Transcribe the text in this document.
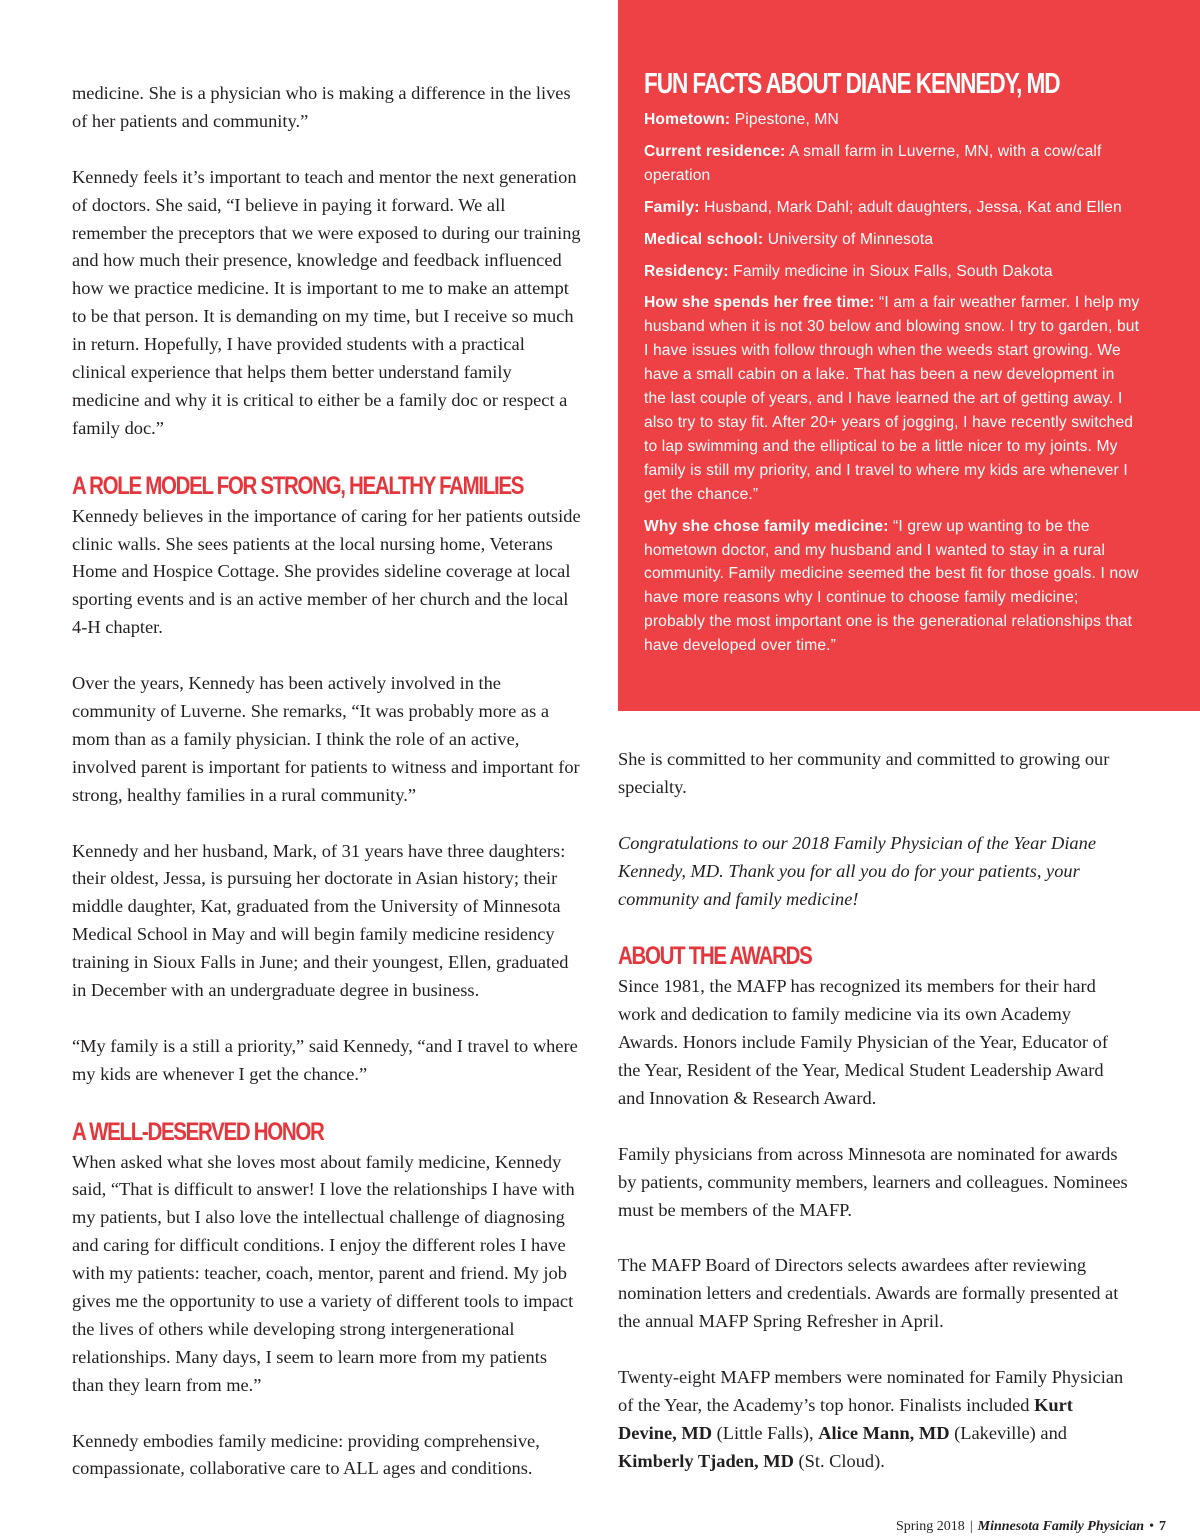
medicine. She is a physician who is making a difference in the lives of her patients and community.”

Kennedy feels it’s important to teach and mentor the next generation of doctors. She said, “I believe in paying it forward. We all remember the preceptors that we were exposed to during our training and how much their presence, knowledge and feedback influenced how we practice medicine. It is important to me to make an attempt to be that person. It is demanding on my time, but I receive so much in return. Hopefully, I have provided students with a practical clinical experience that helps them better understand family medicine and why it is critical to either be a family doc or respect a family doc.”

A ROLE MODEL FOR STRONG, HEALTHY FAMILIES

Kennedy believes in the importance of caring for her patients outside clinic walls. She sees patients at the local nursing home, Veterans Home and Hospice Cottage. She provides sideline coverage at local sporting events and is an active member of her church and the local 4-H chapter.

Over the years, Kennedy has been actively involved in the community of Luverne. She remarks, “It was probably more as a mom than as a family physician. I think the role of an active, involved parent is important for patients to witness and important for strong, healthy families in a rural community.”

Kennedy and her husband, Mark, of 31 years have three daughters: their oldest, Jessa, is pursuing her doctorate in Asian history; their middle daughter, Kat, graduated from the University of Minnesota Medical School in May and will begin family medicine residency training in Sioux Falls in June; and their youngest, Ellen, graduated in December with an undergraduate degree in business.

“My family is a still a priority,” said Kennedy, “and I travel to where my kids are whenever I get the chance.”

A WELL-DESERVED HONOR

When asked what she loves most about family medicine, Kennedy said, “That is difficult to answer! I love the relationships I have with my patients, but I also love the intellectual challenge of diagnosing and caring for difficult conditions. I enjoy the different roles I have with my patients: teacher, coach, mentor, parent and friend. My job gives me the opportunity to use a variety of different tools to impact the lives of others while developing strong intergenerational relationships. Many days, I seem to learn more from my patients than they learn from me.”

Kennedy embodies family medicine: providing comprehensive, compassionate, collaborative care to ALL ages and conditions.

FUN FACTS ABOUT DIANE KENNEDY, MD

Hometown: Pipestone, MN

Current residence: A small farm in Luverne, MN, with a cow/calf operation

Family: Husband, Mark Dahl; adult daughters, Jessa, Kat and Ellen

Medical school: University of Minnesota

Residency: Family medicine in Sioux Falls, South Dakota

How she spends her free time: “I am a fair weather farmer. I help my husband when it is not 30 below and blowing snow. I try to garden, but I have issues with follow through when the weeds start growing. We have a small cabin on a lake. That has been a new development in the last couple of years, and I have learned the art of getting away. I also try to stay fit. After 20+ years of jogging, I have recently switched to lap swimming and the elliptical to be a little nicer to my joints. My family is still my priority, and I travel to where my kids are whenever I get the chance.”

Why she chose family medicine: “I grew up wanting to be the hometown doctor, and my husband and I wanted to stay in a rural community. Family medicine seemed the best fit for those goals. I now have more reasons why I continue to choose family medicine; probably the most important one is the generational relationships that have developed over time.”

She is committed to her community and committed to growing our specialty.

Congratulations to our 2018 Family Physician of the Year Diane Kennedy, MD. Thank you for all you do for your patients, your community and family medicine!

ABOUT THE AWARDS

Since 1981, the MAFP has recognized its members for their hard work and dedication to family medicine via its own Academy Awards. Honors include Family Physician of the Year, Educator of the Year, Resident of the Year, Medical Student Leadership Award and Innovation & Research Award.

Family physicians from across Minnesota are nominated for awards by patients, community members, learners and colleagues. Nominees must be members of the MAFP.

The MAFP Board of Directors selects awardees after reviewing nomination letters and credentials. Awards are formally presented at the annual MAFP Spring Refresher in April.

Twenty-eight MAFP members were nominated for Family Physician of the Year, the Academy’s top honor. Finalists included Kurt Devine, MD (Little Falls), Alice Mann, MD (Lakeville) and Kimberly Tjaden, MD (St. Cloud).

Spring 2018 | Minnesota Family Physician • 7
